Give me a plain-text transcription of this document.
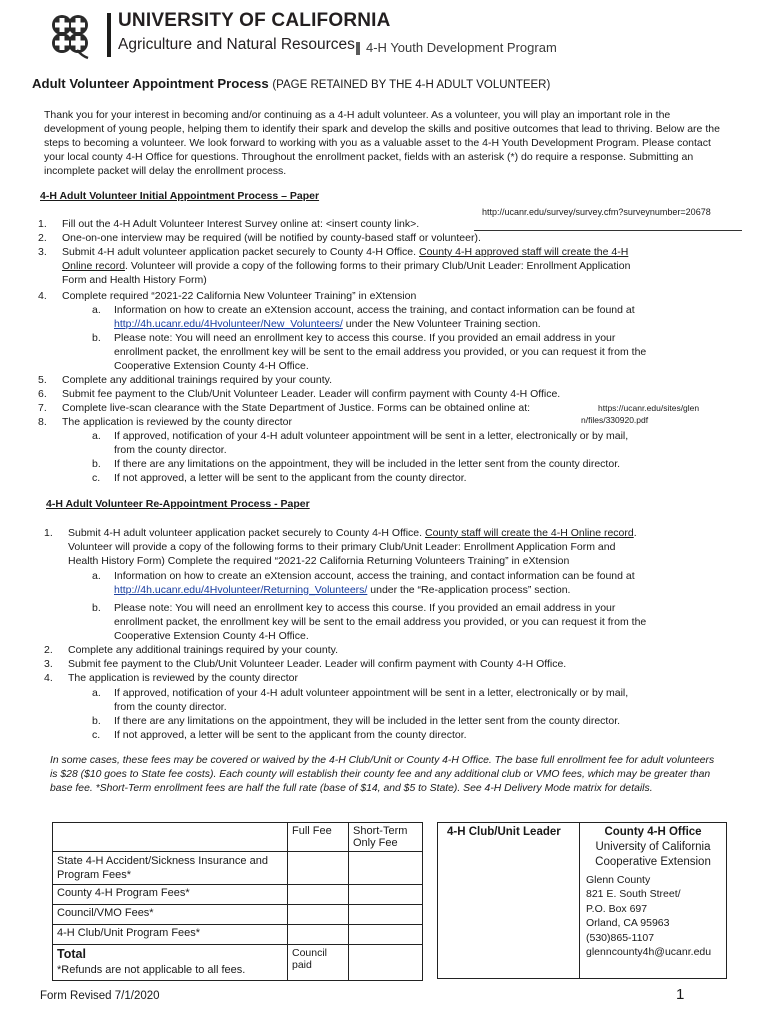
UNIVERSITY OF CALIFORNIA
Agriculture and Natural Resources 4-H Youth Development Program
Adult Volunteer Appointment Process (PAGE RETAINED BY THE 4-H ADULT VOLUNTEER)
Thank you for your interest in becoming and/or continuing as a 4-H adult volunteer. As a volunteer, you will play an important role in the development of young people, helping them to identify their spark and develop the skills and positive outcomes that lead to thriving. Below are the steps to becoming a volunteer. We look forward to working with you as a valuable asset to the 4-H Youth Development Program. Please contact your local county 4-H Office for questions. Throughout the enrollment packet, fields with an asterisk (*) do require a response. Submitting an incomplete packet will delay the enrollment process.
4-H Adult Volunteer Initial Appointment Process – Paper
http://ucanr.edu/survey/survey.cfm?surveynumber=20678
1. Fill out the 4-H Adult Volunteer Interest Survey online at: <insert county link>.
2. One-on-one interview may be required (will be notified by county-based staff or volunteer).
3. Submit 4-H adult volunteer application packet securely to County 4-H Office. County 4-H approved staff will create the 4-H
Online record. Volunteer will provide a copy of the following forms to their primary Club/Unit Leader: Enrollment Application
Form and Health History Form)
4. Complete required “2021-22 California New Volunteer Training” in eXtension
a. Information on how to create an eXtension account, access the training, and contact information can be found at
http://4h.ucanr.edu/4Hvolunteer/New_Volunteers/ under the New Volunteer Training section.
b. Please note: You will need an enrollment key to access this course. If you provided an email address in your
enrollment packet, the enrollment key will be sent to the email address you provided, or you can request it from the
Cooperative Extension County 4-H Office.
5. Complete any additional trainings required by your county.
6. Submit fee payment to the Club/Unit Volunteer Leader. Leader will confirm payment with County 4-H Office.
7. Complete live-scan clearance with the State Department of Justice. Forms can be obtained online at:	https://ucanr.edu/sites/glen
n/files/330920.pdf
8. The application is reviewed by the county director
a. If approved, notification of your 4-H adult volunteer appointment will be sent in a letter, electronically or by mail,
from the county director.
b. If there are any limitations on the appointment, they will be included in the letter sent from the county director.
c. If not approved, a letter will be sent to the applicant from the county director.
4-H Adult Volunteer Re-Appointment Process - Paper
1. Submit 4-H adult volunteer application packet securely to County 4-H Office. County staff will create the 4-H Online record.
Volunteer will provide a copy of the following forms to their primary Club/Unit Leader: Enrollment Application Form and
Health History Form) Complete the required “2021-22 California Returning Volunteers Training” in eXtension
a. Information on how to create an eXtension account, access the training, and contact information can be found at
http://4h.ucanr.edu/4Hvolunteer/Returning_Volunteers/ under the “Re-application process” section.
b. Please note: You will need an enrollment key to access this course. If you provided an email address in your
enrollment packet, the enrollment key will be sent to the email address you provided, or you can request it from the
Cooperative Extension County 4-H Office.
2. Complete any additional trainings required by your county.
3. Submit fee payment to the Club/Unit Volunteer Leader. Leader will confirm payment with County 4-H Office.
4. The application is reviewed by the county director
a. If approved, notification of your 4-H adult volunteer appointment will be sent in a letter, electronically or by mail,
from the county director.
b. If there are any limitations on the appointment, they will be included in the letter sent from the county director.
c. If not approved, a letter will be sent to the applicant from the county director.
In some cases, these fees may be covered or waived by the 4-H Club/Unit or County 4-H Office. The base full enrollment fee for adult volunteers is $28 ($10 goes to State fee costs). Each county will establish their county fee and any additional club or VMO fees, which may be greater than base fee. *Short-Term enrollment fees are half the full rate (base of $14, and $5 to State). See 4-H Delivery Mode matrix for details.
	Full Fee	Short-Term
Only Fee
State 4-H Accident/Sickness Insurance and Program Fees*		
County 4-H Program Fees*		
Council/VMO Fees*		
4-H Club/Unit Program Fees*		
Total
*Refunds are not applicable to all fees.	Council
paid	
4-H Club/Unit Leader	County 4-H Office
University of California
Cooperative Extension
Glenn County
821 E. South Street/
P.O. Box 697
Orland, CA 95963
(530)865-1107
glenncounty4h@ucanr.edu
Form Revised 7/1/2020	1
